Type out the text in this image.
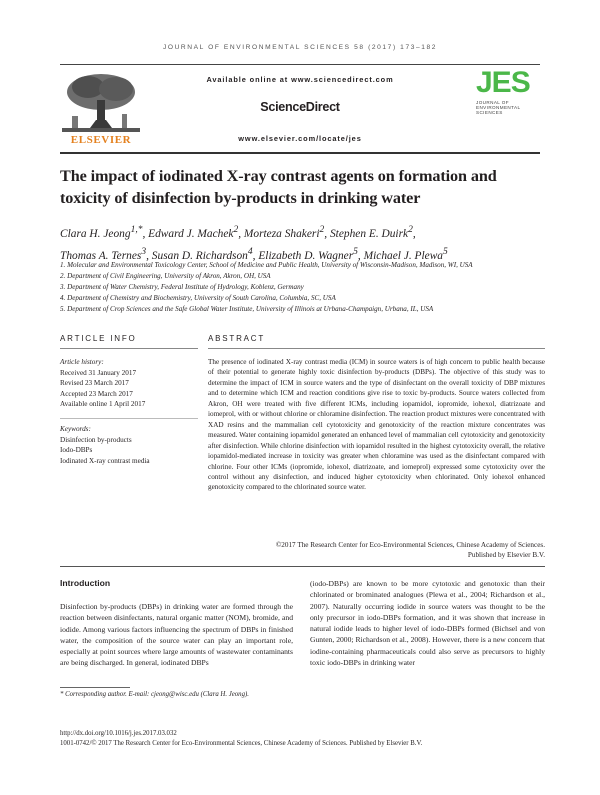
JOURNAL OF ENVIRONMENTAL SCIENCES 58 (2017) 173–182
ELSEVIER
Available online at www.sciencedirect.com
ScienceDirect
www.elsevier.com/locate/jes
JES
JOURNAL OF
ENVIRONMENTAL
SCIENCES
The impact of iodinated X-ray contrast agents on formation and
toxicity of disinfection by-products in drinking water
Clara H. Jeong$^{1,*}$, Edward J. Machek$^2$, Morteza Shakeri$^2$, Stephen E. Duirk$^2$,
Thomas A. Ternes$^3$, Susan D. Richardson$^4$, Elizabeth D. Wagner$^5$, Michael J. Plewa$^5$
1. Molecular and Environmental Toxicology Center, School of Medicine and Public Health, University of Wisconsin-Madison, Madison, WI, USA
2. Department of Civil Engineering, University of Akron, Akron, OH, USA
3. Department of Water Chemistry, Federal Institute of Hydrology, Koblenz, Germany
4. Department of Chemistry and Biochemistry, University of South Carolina, Columbia, SC, USA
5. Department of Crop Sciences and the Safe Global Water Institute, University of Illinois at Urbana-Champaign, Urbana, IL, USA
ARTICLE INFO	ABSTRACT
Article history:
Received 31 January 2017
Revised 23 March 2017
Accepted 23 March 2017
Available online 1 April 2017
Keywords:
Disinfection by-products
Iodo-DBPs
Iodinated X-ray contrast media
The presence of iodinated X-ray contrast media (ICM) in source waters is of high concern to public health because of their potential to generate highly toxic disinfection by-products (DBPs). The objective of this study was to determine the impact of ICM in source waters and the type of disinfectant on the overall toxicity of DBP mixtures and to determine which ICM and reaction conditions give rise to toxic by-products. Source waters collected from Akron, OH were treated with five different ICMs, including iopamidol, iopromide, iohexol, diatrizoate and iomeprol, with or without chlorine or chloramine disinfection. The reaction product mixtures were concentrated with XAD resins and the mammalian cell cytotoxicity and genotoxicity of the reaction mixture concentrates was measured. Water containing iopamidol generated an enhanced level of mammalian cell cytotoxicity and genotoxicity after disinfection. While chlorine disinfection with iopamidol resulted in the highest cytotoxicity overall, the relative iopamidol-mediated increase in toxicity was greater when chloramine was used as the disinfectant compared with chlorine. Four other ICMs (iopromide, iohexol, diatrizoate, and iomeprol) expressed some cytotoxicity over the control without any disinfection, and induced higher cytotoxicity when chlorinated. Only iohexol enhanced genotoxicity compared to the chlorinated source water.
©2017 The Research Center for Eco-Environmental Sciences, Chinese Academy of Sciences.
Published by Elsevier B.V.
Introduction
Disinfection by-products (DBPs) in drinking water are formed through the reaction between disinfectants, natural organic matter (NOM), bromide, and iodide. Among various factors influencing the spectrum of DBPs in finished water, the composition of the source water can play an important role, especially at point sources where large amounts of wastewater contaminants are being discharged. In general, iodinated DBPs
(iodo-DBPs) are known to be more cytotoxic and genotoxic than their chlorinated or brominated analogues (Plewa et al., 2004; Richardson et al., 2007). Naturally occurring iodide in source waters was thought to be the only precursor in iodo-DBPs formation, and it was shown that increase in natural iodide leads to higher level of iodo-DBPs formed (Bichsel and von Gunten, 2000; Richardson et al., 2008). However, there is a new concern that iodine-containing pharmaceuticals could also serve as precursors to highly toxic iodo-DBPs in drinking water
* Corresponding author. E-mail: cjeong@wisc.edu (Clara H. Jeong).
http://dx.doi.org/10.1016/j.jes.2017.03.032
1001-0742/© 2017 The Research Center for Eco-Environmental Sciences, Chinese Academy of Sciences. Published by Elsevier B.V.
